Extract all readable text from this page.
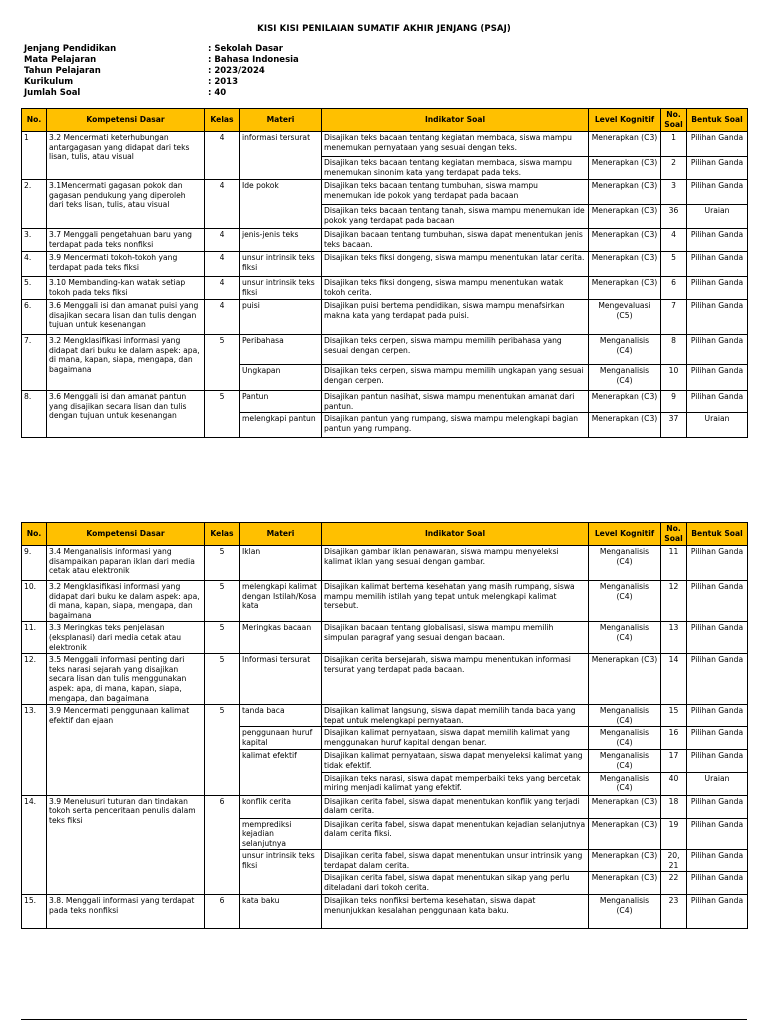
KISI KISI PENILAIAN SUMATIF AKHIR JENJANG (PSAJ)
Jenjang Pendidikan	: Sekolah Dasar
Mata Pelajaran	: Bahasa Indonesia
Tahun Pelajaran	: 2023/2024
Kurikulum	: 2013
Jumlah Soal	: 40
No.	Kompetensi Dasar	Kelas	Materi	Indikator Soal	Level Kognitif	No. Soal	Bentuk Soal
1	3.2 Mencermati keterhubungan antargagasan yang didapat dari teks lisan, tulis, atau visual	4	informasi tersurat	Disajikan teks bacaan tentang kegiatan membaca, siswa mampu menemukan pernyataan yang sesuai dengan teks.	Menerapkan (C3)	1	Pilihan Ganda
				Disajikan teks bacaan tentang kegiatan membaca, siswa mampu menemukan sinonim kata yang terdapat pada teks.	Menerapkan (C3)	2	Pilihan Ganda
2.	3.1Mencermati gagasan pokok dan gagasan pendukung yang diperoleh dari teks lisan, tulis, atau visual	4	Ide pokok	Disajikan teks bacaan tentang tumbuhan, siswa mampu menemukan ide pokok yang terdapat pada bacaan	Menerapkan (C3)	3	Pilihan Ganda
				Disajikan teks bacaan tentang tanah, siswa mampu menemukan ide pokok yang terdapat pada bacaan	Menerapkan (C3)	36	Uraian
3.	3.7 Menggali pengetahuan baru yang terdapat pada teks nonfiksi	4	jenis-jenis teks	Disajikan bacaan tentang tumbuhan, siswa dapat menentukan jenis teks bacaan.	Menerapkan (C3)	4	Pilihan Ganda
4.	3.9 Mencermati tokoh-tokoh yang terdapat pada teks fiksi	4	unsur intrinsik teks fiksi	Disajikan teks fiksi dongeng, siswa mampu menentukan latar cerita.	Menerapkan (C3)	5	Pilihan Ganda
5.	3.10 Membanding-kan watak setiap tokoh pada teks fiksi	4	unsur intrinsik teks fiksi	Disajikan teks fiksi dongeng, siswa mampu menentukan watak tokoh cerita.	Menerapkan (C3)	6	Pilihan Ganda
6.	3.6 Menggali isi dan amanat puisi yang disajikan secara lisan dan tulis dengan tujuan untuk kesenangan	4	puisi	Disajikan puisi bertema pendidikan, siswa mampu menafsirkan makna kata yang terdapat pada puisi.	Mengevaluasi (C5)	7	Pilihan Ganda
7.	3.2 Mengklasifikasi informasi yang didapat dari buku ke dalam aspek: apa, di mana, kapan, siapa, mengapa, dan bagaimana	5	Peribahasa	Disajikan teks cerpen, siswa mampu memilih peribahasa yang sesuai dengan cerpen.	Menganalisis (C4)	8	Pilihan Ganda
			Ungkapan	Disajikan teks cerpen, siswa mampu memilih ungkapan yang sesuai dengan cerpen.	Menganalisis (C4)	10	Pilihan Ganda
8.	3.6 Menggali isi dan amanat pantun yang disajikan secara lisan dan tulis dengan tujuan untuk kesenangan	5	Pantun	Disajikan pantun nasihat, siswa mampu menentukan amanat dari pantun.	Menerapkan (C3)	9	Pilihan Ganda
			melengkapi pantun	Disajikan pantun yang rumpang, siswa mampu melengkapi bagian pantun yang rumpang.	Menerapkan (C3)	37	Uraian
No.	Kompetensi Dasar	Kelas	Materi	Indikator Soal	Level Kognitif	No. Soal	Bentuk Soal
9.	3.4 Menganalisis informasi yang disampaikan paparan iklan dari media cetak atau elektronik	5	Iklan	Disajikan gambar iklan penawaran, siswa mampu menyeleksi kalimat iklan yang sesuai dengan gambar.	Menganalisis (C4)	11	Pilihan Ganda
10.	3.2 Mengklasifikasi informasi yang didapat dari buku ke dalam aspek: apa, di mana, kapan, siapa, mengapa, dan bagaimana	5	melengkapi kalimat dengan Istilah/Kosa kata	Disajikan kalimat bertema kesehatan yang masih rumpang, siswa mampu memilih istilah yang tepat untuk melengkapi kalimat tersebut.	Menganalisis (C4)	12	Pilihan Ganda
11.	3.3 Meringkas teks penjelasan (eksplanasi) dari media cetak atau elektronik	5	Meringkas bacaan	Disajikan bacaan tentang globalisasi, siswa mampu memilih simpulan paragraf yang sesuai dengan bacaan.	Menganalisis (C4)	13	Pilihan Ganda
12.	3.5 Menggali informasi penting dari teks narasi sejarah yang disajikan secara lisan dan tulis menggunakan aspek: apa, di mana, kapan, siapa, mengapa, dan bagaimana	5	Informasi tersurat	Disajikan cerita bersejarah, siswa mampu menentukan informasi tersurat yang terdapat pada bacaan.	Menerapkan (C3)	14	Pilihan Ganda
13.	3.9 Mencermati penggunaan kalimat efektif dan ejaan	5	tanda baca	Disajikan kalimat langsung, siswa dapat memilih tanda baca yang tepat untuk melengkapi pernyataan.	Menganalisis (C4)	15	Pilihan Ganda
			penggunaan huruf kapital	Disajikan kalimat pernyataan, siswa dapat memilih kalimat yang menggunakan huruf kapital dengan benar.	Menganalisis (C4)	16	Pilihan Ganda
			kalimat efektif	Disajikan kalimat pernyataan, siswa dapat menyeleksi kalimat yang tidak efektif.	Menganalisis (C4)	17	Pilihan Ganda
				Disajikan teks narasi, siswa dapat memperbaiki teks yang bercetak miring menjadi kalimat yang efektif.	Menganalisis (C4)	40	Uraian
14.	3.9 Menelusuri tuturan dan tindakan tokoh serta penceritaan penulis dalam teks fiksi	6	konflik cerita	Disajikan cerita fabel, siswa dapat menentukan konflik yang terjadi dalam cerita.	Menerapkan (C3)	18	Pilihan Ganda
			memprediksi kejadian selanjutnya	Disajikan cerita fabel, siswa dapat menentukan kejadian selanjutnya dalam cerita fiksi.	Menerapkan (C3)	19	Pilihan Ganda
			unsur intrinsik teks fiksi	Disajikan cerita fabel, siswa dapat menentukan unsur intrinsik yang terdapat dalam cerita.	Menerapkan (C3)	20, 21	Pilihan Ganda
				Disajikan cerita fabel, siswa dapat menentukan sikap yang perlu diteladani dari tokoh cerita.	Menerapkan (C3)	22	Pilihan Ganda
15.	3.8. Menggali informasi yang terdapat pada teks nonfiksi	6	kata baku	Disajikan teks nonfiksi bertema kesehatan, siswa dapat menunjukkan kesalahan penggunaan kata baku.	Menganalisis (C4)	23	Pilihan Ganda
